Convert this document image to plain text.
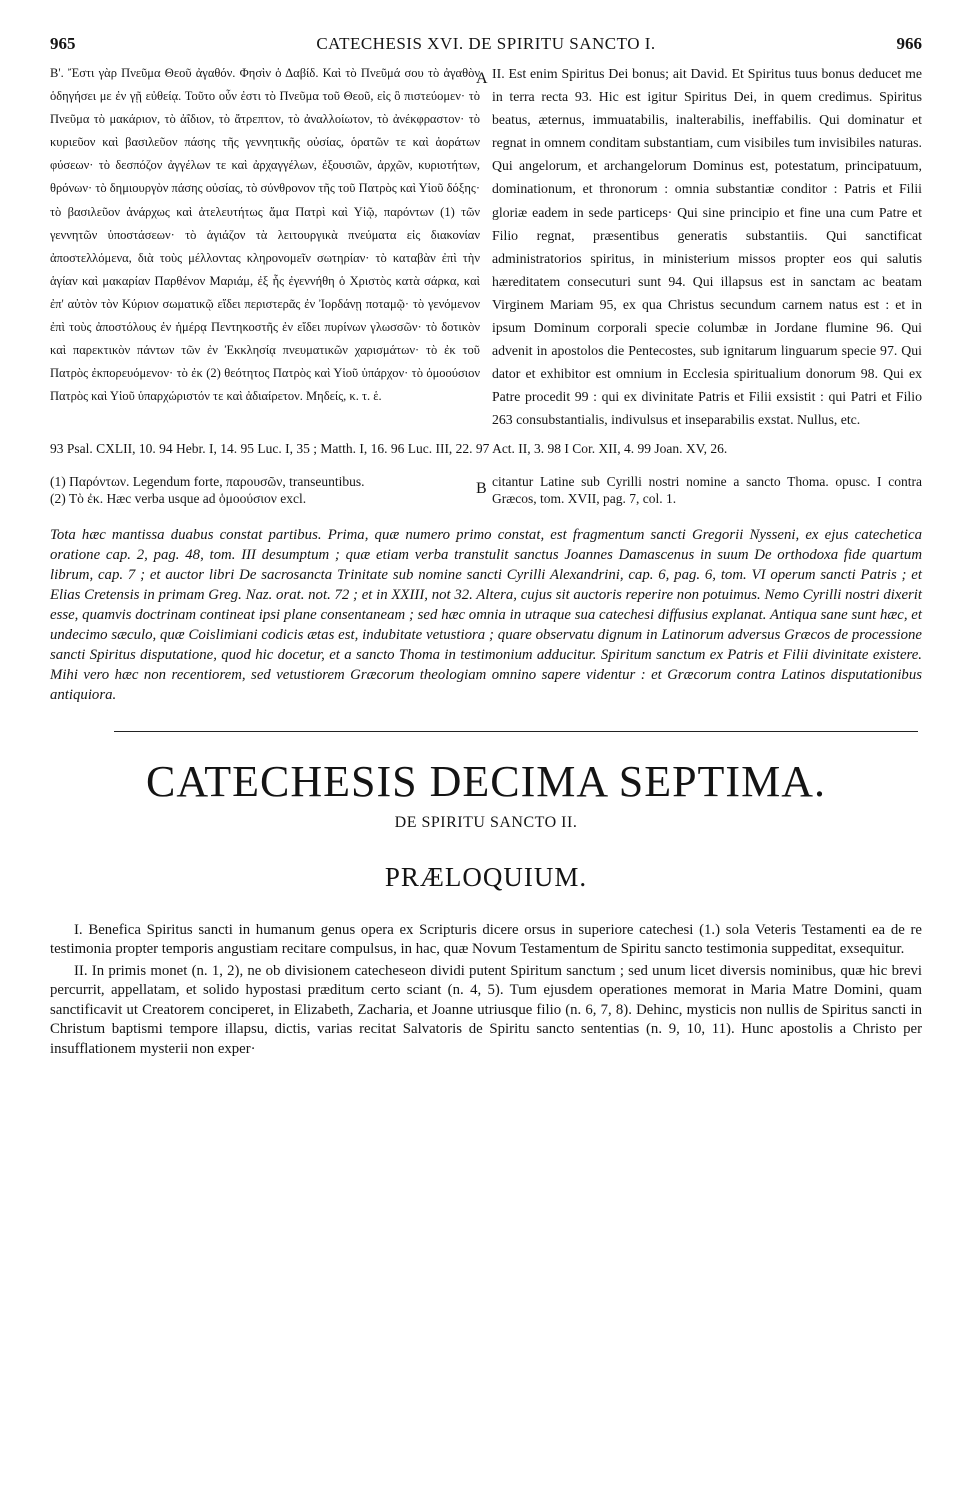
965	CATECHESIS XVI. DE SPIRITU SANCTO I.	966
Β'. Ἔστι γὰρ Πνεῦμα Θεοῦ ἀγαθόν. Φησὶν ὁ Δαβίδ. Καὶ τὸ Πνεῦμά σου τὸ ἀγαθὸν ὁδηγήσει με ἐν γῇ εὐθείᾳ. Τοῦτο οὖν ἐστι τὸ Πνεῦμα τοῦ Θεοῦ, εἰς ὃ πιστεύομεν· τὸ Πνεῦμα τὸ μακάριον, τὸ ἀΐδιον, τὸ ἄτρεπτον, τὸ ἀναλλοίωτον, τὸ ἀνέκφραστον· τὸ κυριεῦον καὶ βασιλεῦον πάσης τῆς γεννητικῆς οὐσίας, ὁρατῶν τε καὶ ἀοράτων φύσεων· τὸ δεσπόζον ἀγγέλων τε καὶ ἀρχαγγέλων, ἐξουσιῶν, ἀρχῶν, κυριοτήτων, θρόνων· τὸ δημιουργὸν πάσης οὐσίας, τὸ σύνθρονον τῆς τοῦ Πατρὸς καὶ Υἱοῦ δόξης· τὸ βασιλεῦον ἀνάρχως καὶ ἀτελευτήτως ἅμα Πατρὶ καὶ Υἱῷ, παρόντων (1) τῶν γεννητῶν ὑποστάσεων· τὸ ἁγιάζον τὰ λειτουργικὰ πνεύματα εἰς διακονίαν ἀποστελλόμενα, διὰ τοὺς μέλλοντας κληρονομεῖν σωτηρίαν· τὸ καταβὰν ἐπὶ τὴν ἁγίαν καὶ μακαρίαν Παρθένον Μαριάμ, ἐξ ἧς ἐγεννήθη ὁ Χριστὸς κατὰ σάρκα, καὶ ἐπ' αὐτὸν τὸν Κύριον σωματικῷ εἴδει περιστερᾶς ἐν Ἰορδάνῃ ποταμῷ· τὸ γενόμενον ἐπὶ τοὺς ἀποστόλους ἐν ἡμέρᾳ Πεντηκοστῆς ἐν εἴδει πυρίνων γλωσσῶν· τὸ δοτικὸν καὶ παρεκτικὸν πάντων τῶν ἐν Ἐκκλησίᾳ πνευματικῶν χαρισμάτων· τὸ ἐκ τοῦ Πατρὸς ἐκπορευόμενον· τὸ ἐκ (2) θεότητος Πατρὸς καὶ Υἱοῦ ὑπάρχον· τὸ ὁμοούσιον Πατρὸς καὶ Υἱοῦ ὑπαρχώριστόν τε καὶ ἀδιαίρετον. Μηδείς, κ. τ. ἑ.
A
B
II. Est enim Spiritus Dei bonus; ait David. Et Spiritus tuus bonus deducet me in terra recta 93. Hic est igitur Spiritus Dei, in quem credimus. Spiritus beatus, æternus, immuatabilis, inalterabilis, ineffabilis. Qui dominatur et regnat in omnem conditam substantiam, cum visibiles tum invisibiles naturas. Qui angelorum, et archangelorum Dominus est, potestatum, principatuum, dominationum, et thronorum : omnia substantiæ conditor : Patris et Filii gloriæ eadem in sede particeps· Qui sine principio et fine una cum Patre et Filio regnat, præsentibus generatis substantiis. Qui sanctificat administratorios spiritus, in ministerium missos propter eos qui salutis hæreditatem consecuturi sunt 94. Qui illapsus est in sanctam ac beatam Virginem Mariam 95, ex qua Christus secundum carnem natus est : et in ipsum Dominum corporali specie columbæ in Jordane flumine 96. Qui advenit in apostolos die Pentecostes, sub ignitarum linguarum specie 97. Qui dator et exhibitor est omnium in Ecclesia spiritualium donorum 98. Qui ex Patre procedit 99 : qui ex divinitate Patris et Filii exsistit : qui Patri et Filio 263 consubstantialis, indivulsus et inseparabilis exstat. Nullus, etc.
93 Psal. CXLII, 10. 94 Hebr. I, 14. 95 Luc. I, 35 ; Matth. I, 16. 96 Luc. III, 22. 97 Act. II, 3. 98 I Cor. XII, 4. 99 Joan. XV, 26.

(1) Παρόντων. Legendum forte, παρουσῶν, transeuntibus.

(2) Τὸ ἐκ. Hæc verba usque ad ὁμοούσιον excl.

citantur Latine sub Cyrilli nostri nomine a sancto Thoma. opusc. I contra Græcos, tom. XVII, pag. 7, col. 1.

Tota hæc mantissa duabus constat partibus. Prima, quæ numero primo constat, est fragmentum sancti Gregorii Nysseni, ex ejus catechetica oratione cap. 2, pag. 48, tom. III desumptum ; quæ etiam verba transtulit sanctus Joannes Damascenus in suum De orthodoxa fide quartum librum, cap. 7 ; et auctor libri De sacrosancta Trinitate sub nomine sancti Cyrilli Alexandrini, cap. 6, pag. 6, tom. VI operum sancti Patris ; et Elias Cretensis in primam Greg. Naz. orat. not. 72 ; et in XXIII, not 32. Altera, cujus sit auctoris reperire non potuimus. Nemo Cyrilli nostri dixerit esse, quamvis doctrinam contineat ipsi plane consentaneam ; sed hæc omnia in utraque sua catechesi diffusius explanat. Antiqua sane sunt hæc, et undecimo sæculo, quæ Coislimiani codicis ætas est, indubitate vetustiora ; quare observatu dignum in Latinorum adversus Græcos de processione sancti Spiritus disputatione, quod hic docetur, et a sancto Thoma in testimonium adducitur. Spiritum sanctum ex Patris et Filii divinitate existere. Mihi vero hæc non recentiorem, sed vetustiorem Græcorum theologiam omnino sapere videntur : et Græcorum contra Latinos disputationibus antiquiora.
CATECHESIS DECIMA SEPTIMA.
DE SPIRITU SANCTO II.
PRÆLOQUIUM.

I. Benefica Spiritus sancti in humanum genus opera ex Scripturis dicere orsus in superiore catechesi (1.) sola Veteris Testamenti ea de re testimonia propter temporis angustiam recitare compulsus, in hac, quæ Novum Testamentum de Spiritu sancto testimonia suppeditat, exsequitur.

II. In primis monet (n. 1, 2), ne ob divisionem catecheseon dividi putent Spiritum sanctum ; sed unum licet diversis nominibus, quæ hic brevi percurrit, appellatam, et solido hypostasi præditum certo sciant (n. 4, 5). Tum ejusdem operationes memorat in Maria Matre Domini, quam sanctificavit ut Creatorem conciperet, in Elizabeth, Zacharia, et Joanne utriusque filio (n. 6, 7, 8). Dehinc, mysticis non nullis de Spiritus sancti in Christum baptismi tempore illapsu, dictis, varias recitat Salvatoris de Spiritu sancto sententias (n. 9, 10, 11). Hunc apostolis a Christo per insufflationem mysterii non exper·
